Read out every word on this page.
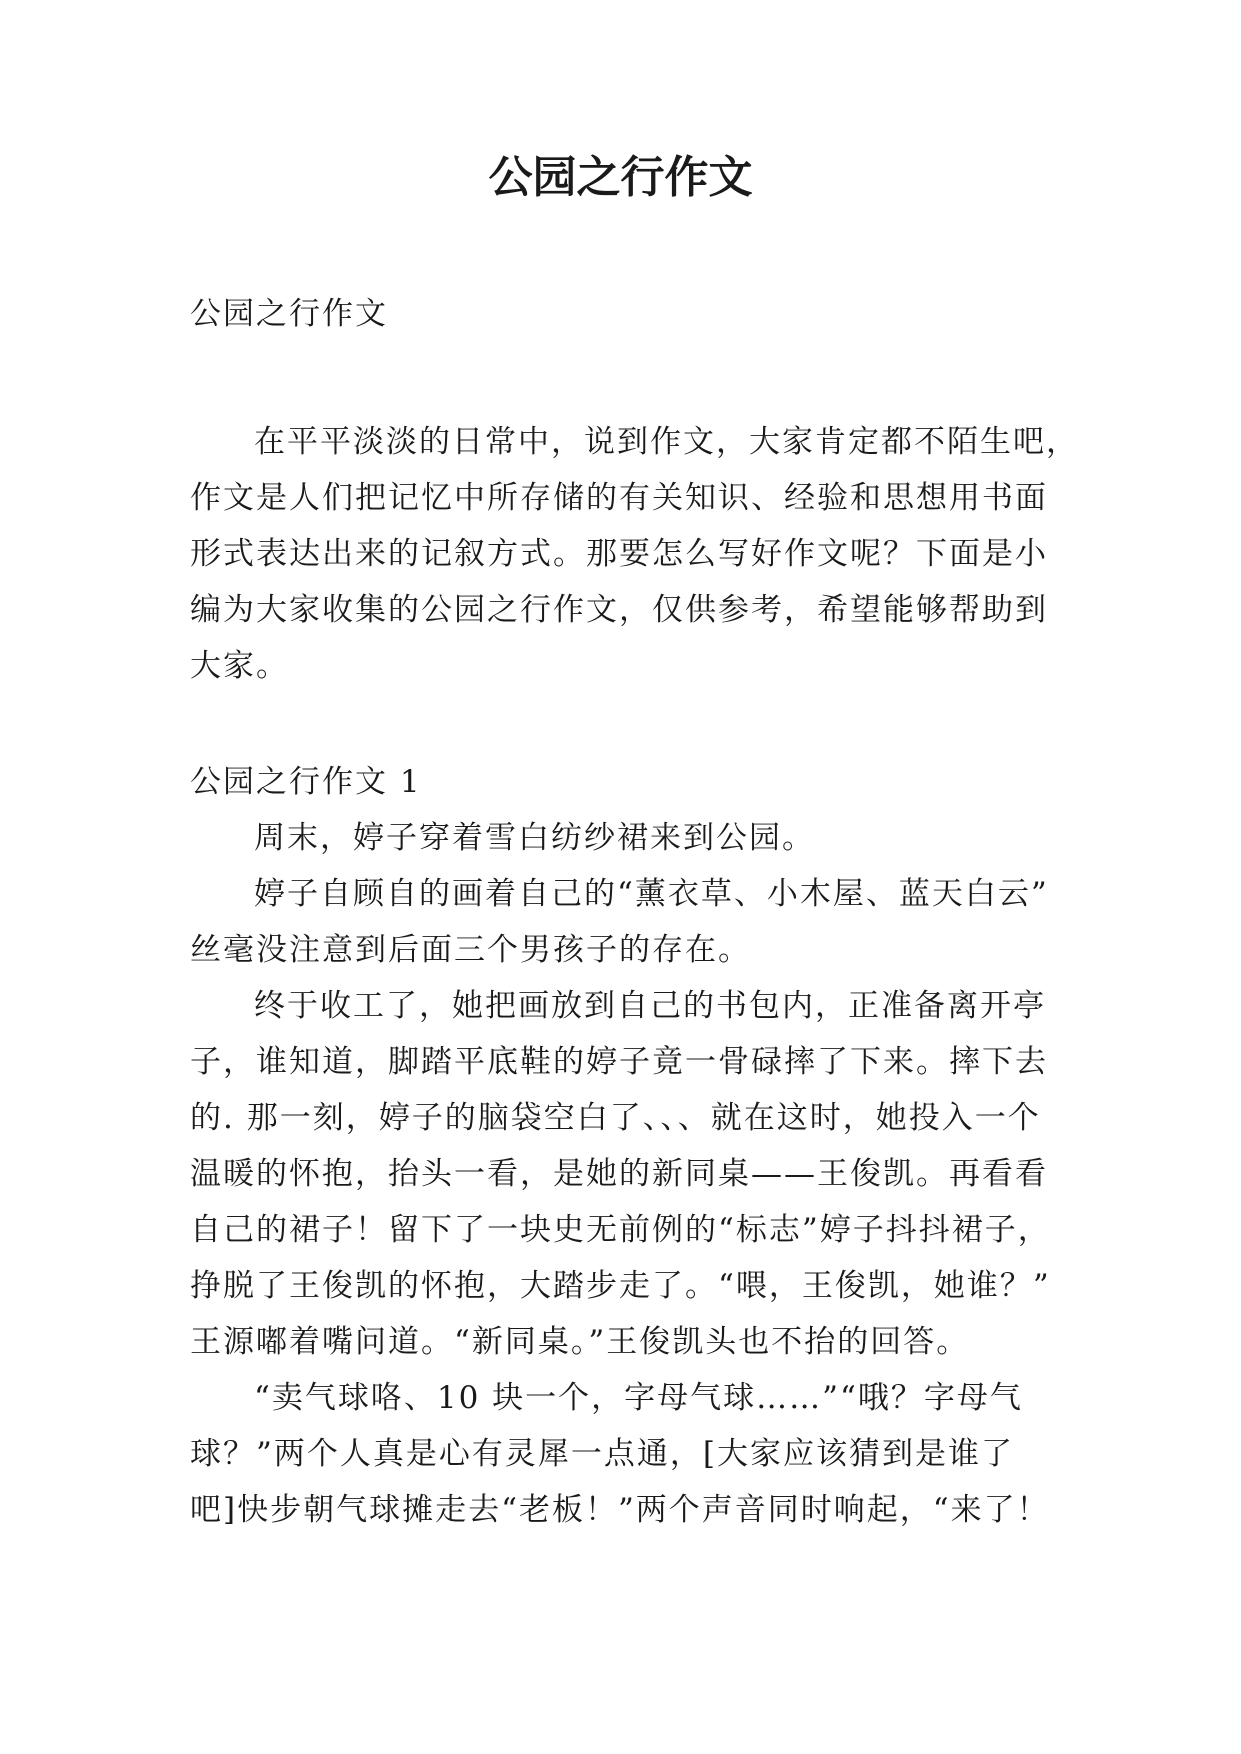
公园之行作文

公园之行作文

在平平淡淡的日常中，说到作文，大家肯定都不陌生吧，

作文是人们把记忆中所存储的有关知识、经验和思想用书面

形式表达出来的记叙方式。那要怎么写好作文呢？下面是小

编为大家收集的公园之行作文，仅供参考，希望能够帮助到

大家。

公园之行作文 1

周末，婷子穿着雪白纺纱裙来到公园。

婷子自顾自的画着自己的“薰衣草、小木屋、蓝天白云”

丝毫没注意到后面三个男孩子的存在。

终于收工了，她把画放到自己的书包内，正准备离开亭

子，谁知道，脚踏平底鞋的婷子竟一骨碌摔了下来。摔下去

的. 那一刻，婷子的脑袋空白了、、、就在这时，她投入一个

温暖的怀抱，抬头一看，是她的新同桌——王俊凯。再看看

自己的裙子！留下了一块史无前例的“标志”婷子抖抖裙子，

挣脱了王俊凯的怀抱，大踏步走了。“喂，王俊凯，她谁？”

王源嘟着嘴问道。“新同桌。”王俊凯头也不抬的回答。

“卖气球咯、10 块一个，字母气球……”“哦？字母气

球？”两个人真是心有灵犀一点通，[大家应该猜到是谁了

吧]快步朝气球摊走去“老板！”两个声音同时响起，“来了！
